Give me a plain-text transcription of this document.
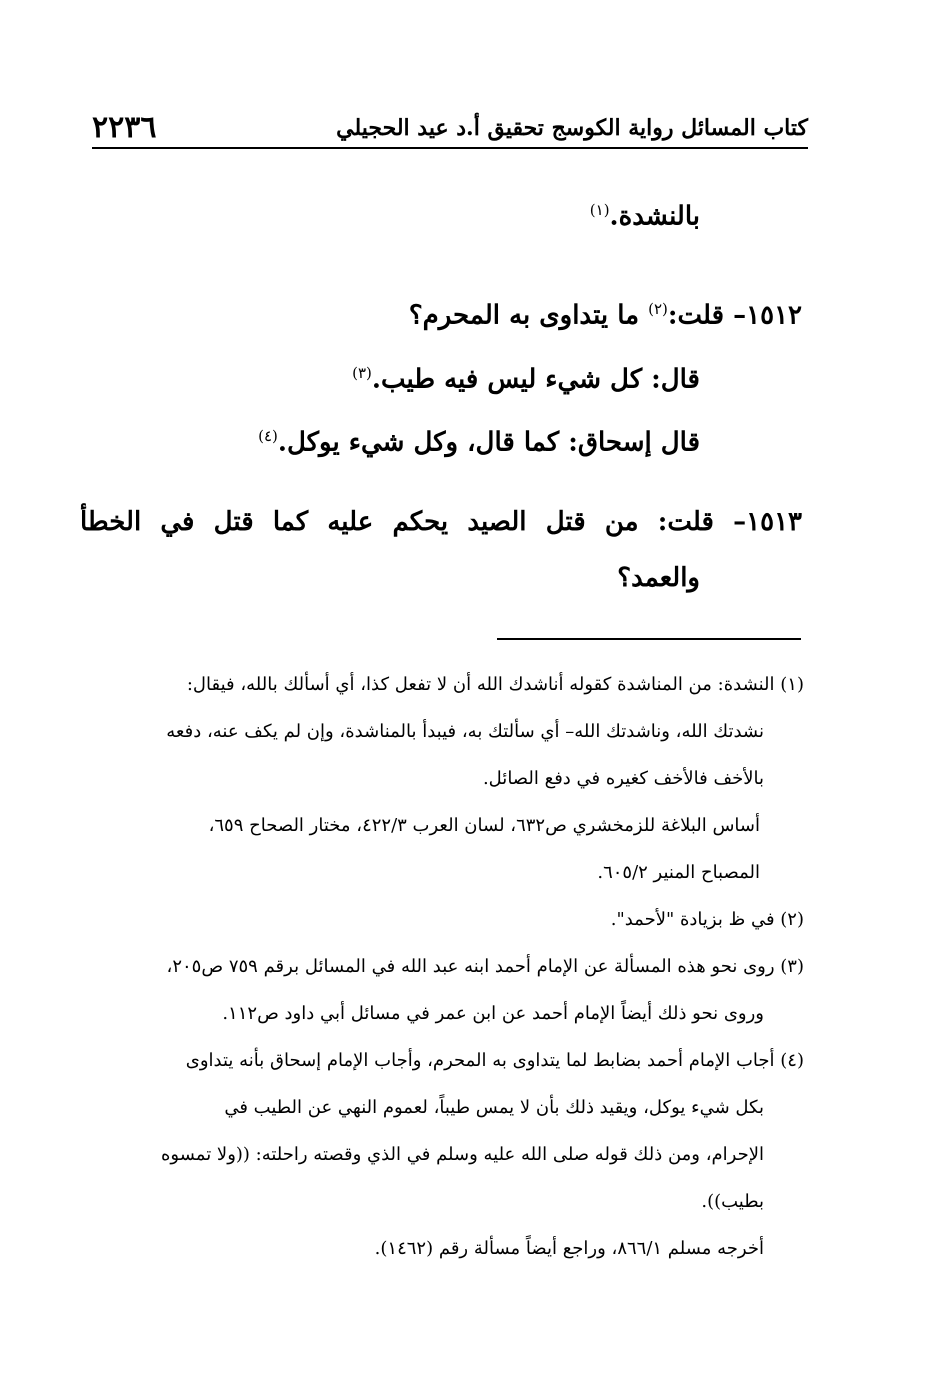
٢٢٣٦	كتاب المسائل رواية الكوسج تحقيق أ.د عيد الحجيلي

بالنشدة.$^{(١)}$

١٥١٢– قلت:$^{(٢)}$ ما يتداوى به المحرم؟

قال: كل شيء ليس فيه طيب.$^{(٣)}$

قال إسحاق: كما قال، وكل شيء يوكل.$^{(٤)}$

١٥١٣– قلت: من قتل الصيد يحكم عليه كما قتل في الخطأ

والعمد؟

(١) النشدة: من المناشدة كقوله أناشدك الله أن لا تفعل كذا، أي أسألك بالله، فيقال:

نشدتك الله، وناشدتك الله– أي سألتك به، فيبدأ بالمناشدة، وإن لم يكف عنه، دفعه

بالأخف فالأخف كغيره في دفع الصائل.

أساس البلاغة للزمخشري ص٦٣٢، لسان العرب ٤٢٢/٣، مختار الصحاح ٦٥٩،

المصباح المنير ٦٠٥/٢.

(٢) في ظ بزيادة "لأحمد".

(٣) روى نحو هذه المسألة عن الإمام أحمد ابنه عبد الله في المسائل برقم ٧٥٩ ص٢٠٥،

وروى نحو ذلك أيضاً الإمام أحمد عن ابن عمر في مسائل أبي داود ص١١٢.

(٤) أجاب الإمام أحمد بضابط لما يتداوى به المحرم، وأجاب الإمام إسحاق بأنه يتداوى

بكل شيء يوكل، ويقيد ذلك بأن لا يمس طيباً، لعموم النهي عن الطيب في

الإحرام، ومن ذلك قوله صلى الله عليه وسلم في الذي وقصته راحلته: ((ولا تمسوه

بطيب)).

أخرجه مسلم ٨٦٦/١، وراجع أيضاً مسألة رقم (١٤٦٢).
